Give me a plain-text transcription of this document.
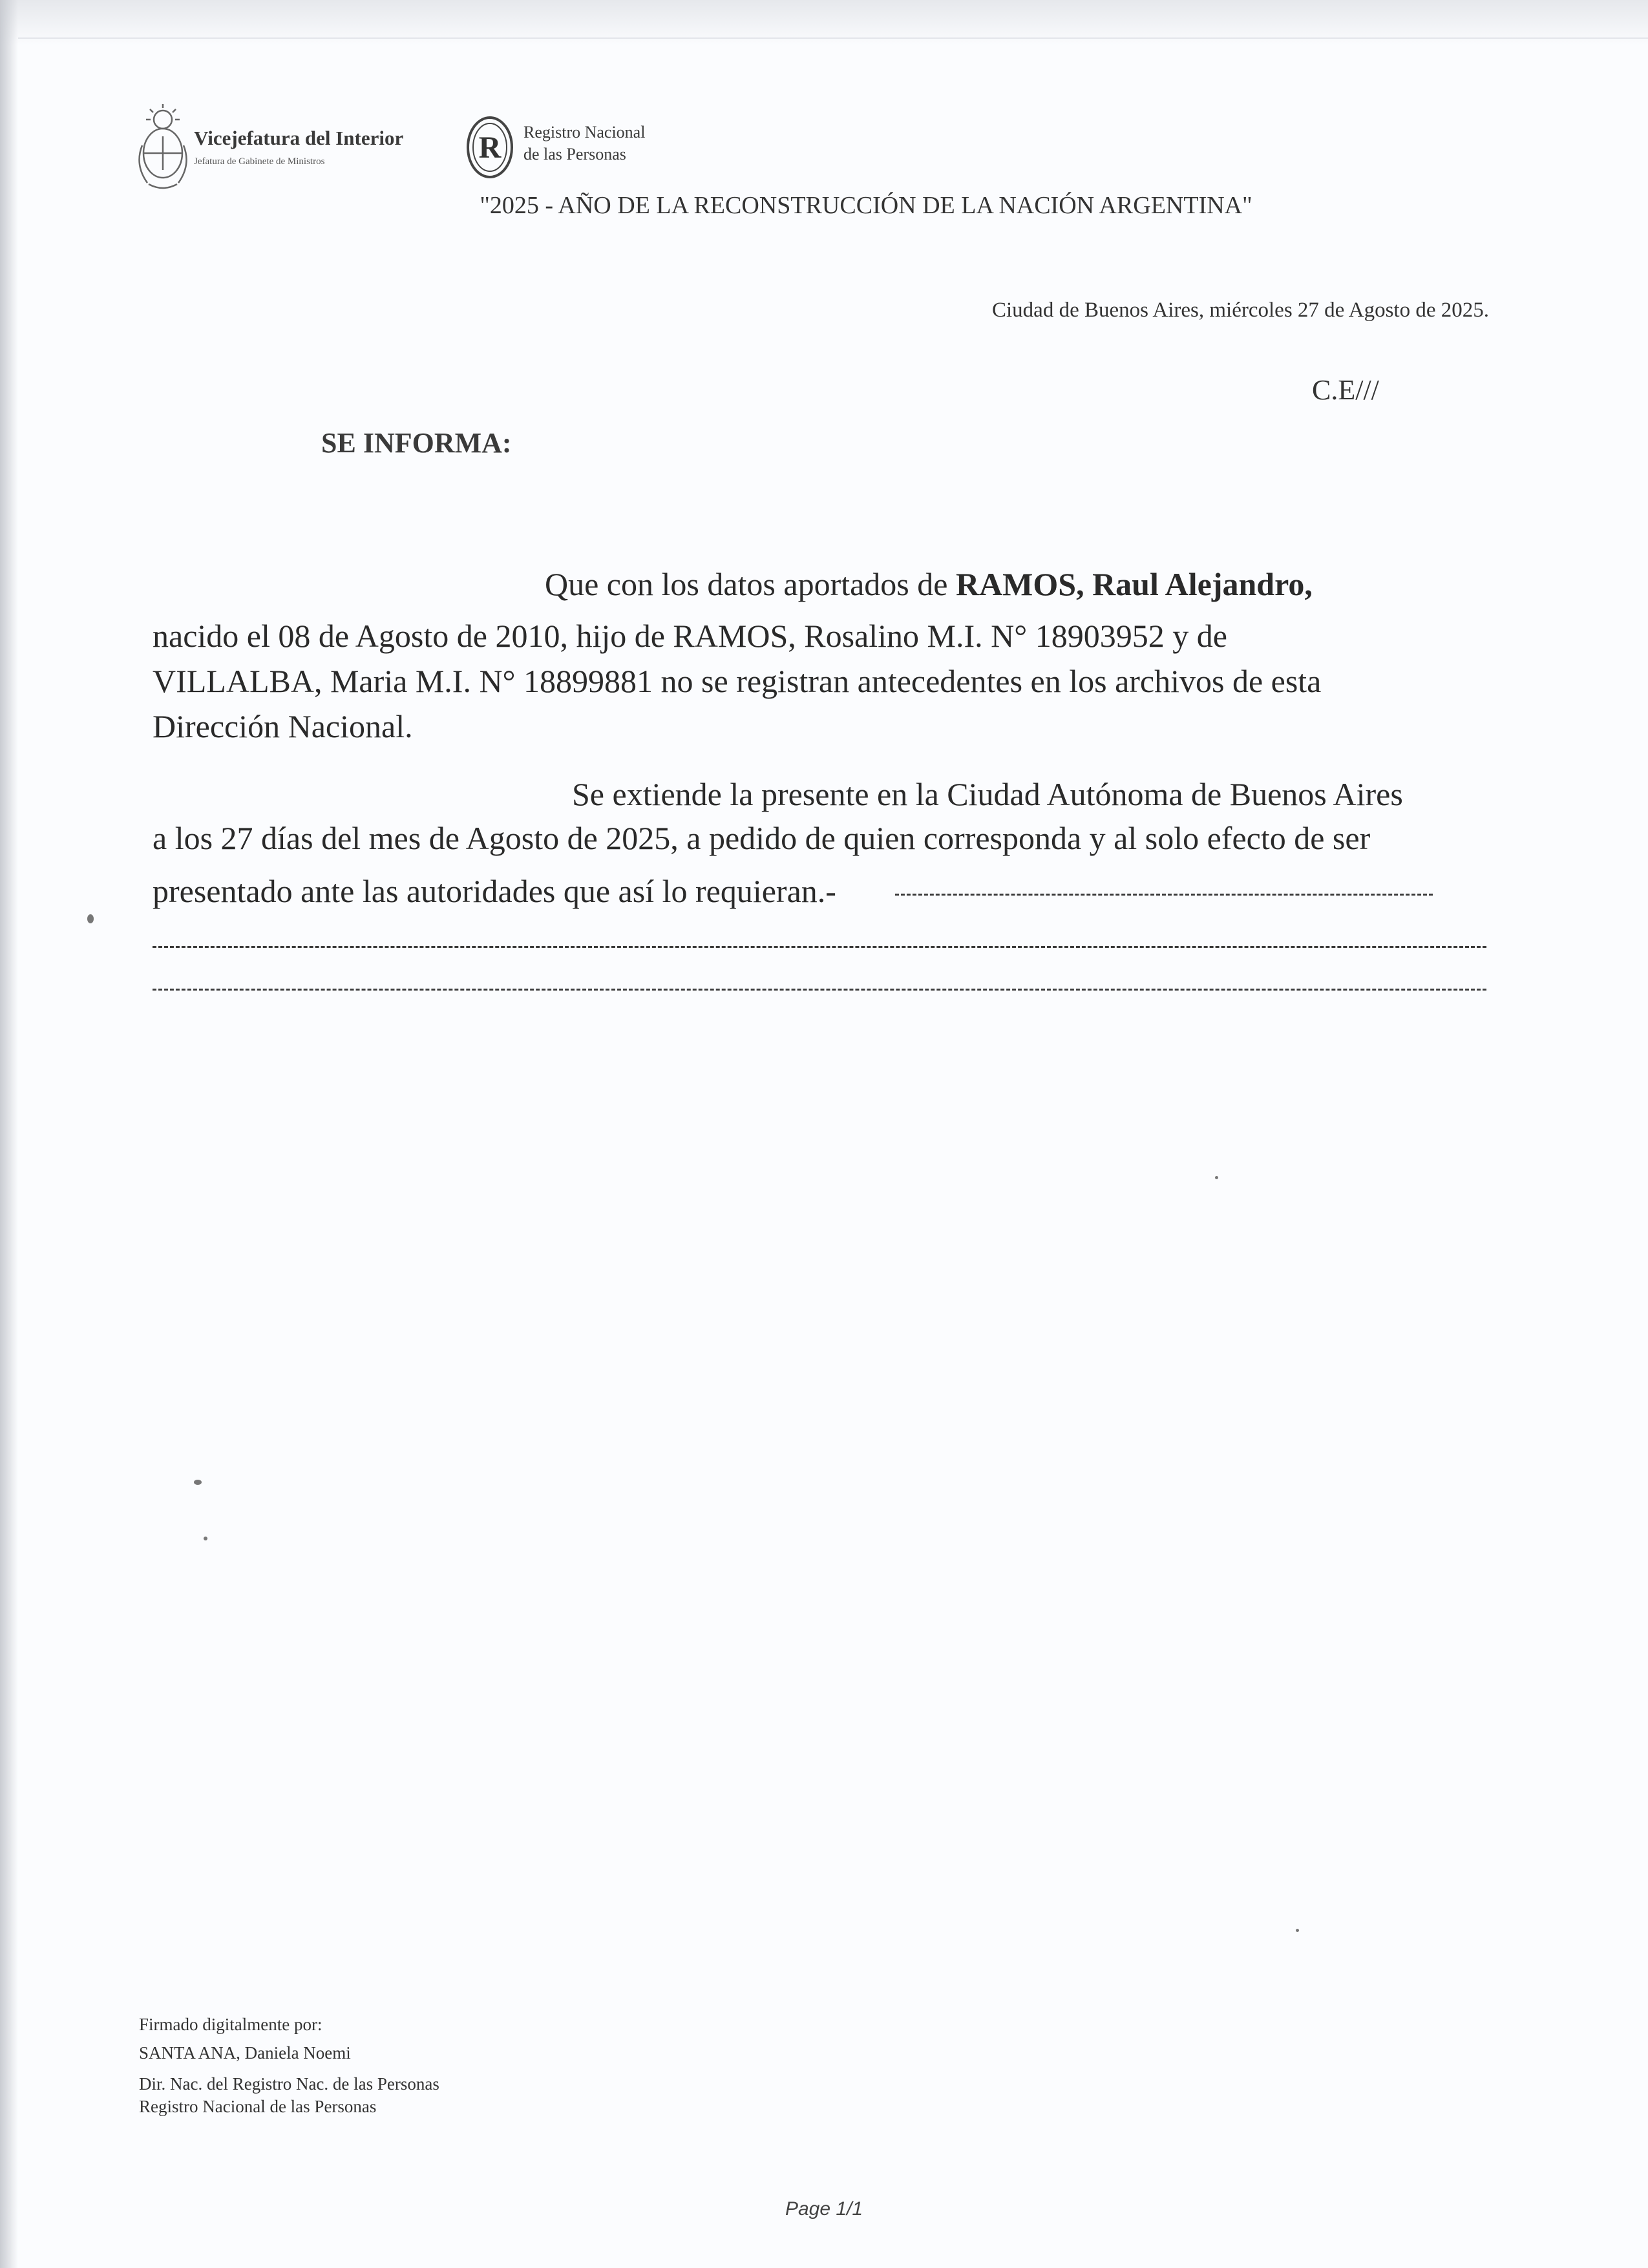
Vicejefatura del Interior
Jefatura de Gabinete de Ministros	R Registro Nacional
de las Personas
"2025 - AÑO DE LA RECONSTRUCCIÓN DE LA NACIÓN ARGENTINA"
Ciudad de Buenos Aires, miércoles 27 de Agosto de 2025.
C.E///
SE INFORMA:
Que con los datos aportados de RAMOS, Raul Alejandro,
nacido el 08 de Agosto de 2010, hijo de RAMOS, Rosalino M.I. N° 18903952 y de
VILLALBA, Maria M.I. N° 18899881 no se registran antecedentes en los archivos de esta
Dirección Nacional.
Se extiende la presente en la Ciudad Autónoma de Buenos Aires
a los 27 días del mes de Agosto de 2025, a pedido de quien corresponda y al solo efecto de ser
presentado ante las autoridades que así lo requieran.-
Firmado digitalmente por:
SANTA ANA, Daniela Noemi
Dir. Nac. del Registro Nac. de las Personas
Registro Nacional de las Personas
Page 1/1
